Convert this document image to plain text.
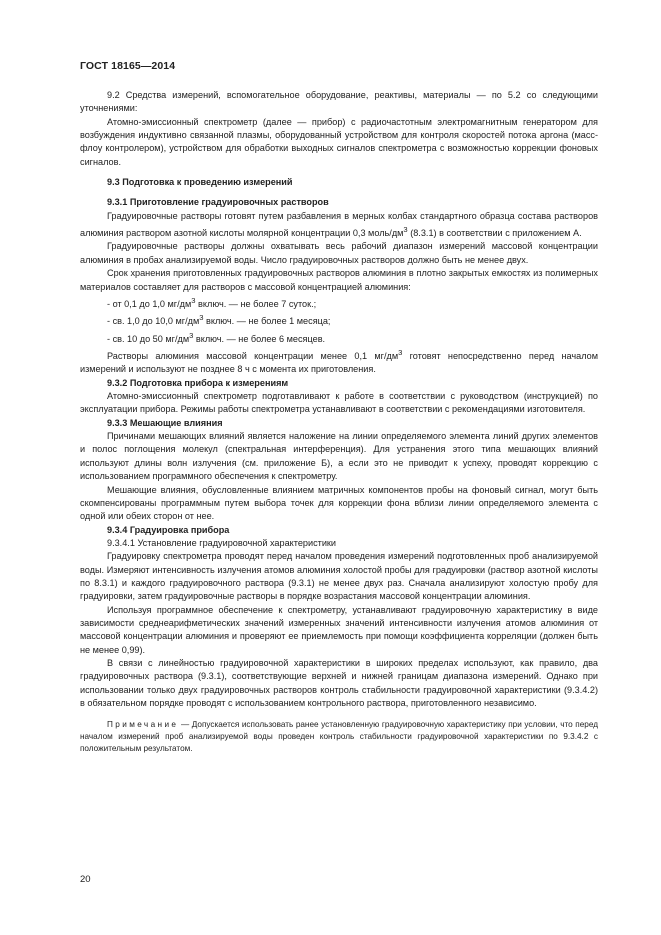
ГОСТ 18165—2014

9.2 Средства измерений, вспомогательное оборудование, реактивы, материалы — по 5.2 со следующими уточнениями:

Атомно-эмиссионный спектрометр (далее — прибор) с радиочастотным электромагнитным генератором для возбуждения индуктивно связанной плазмы, оборудованный устройством для контроля скоростей потока аргона (масс-флоу контролером), устройством для обработки выходных сигналов спектрометра с возможностью коррекции фоновых сигналов.

9.3 Подготовка к проведению измерений

9.3.1 Приготовление градуировочных растворов

Градуировочные растворы готовят путем разбавления в мерных колбах стандартного образца состава растворов алюминия раствором азотной кислоты молярной концентрации 0,3 моль/$дм^3$ (8.3.1) в соответствии с приложением А.

Градуировочные растворы должны охватывать весь рабочий диапазон измерений массовой концентрации алюминия в пробах анализируемой воды. Число градуировочных растворов должно быть не менее двух.

Срок хранения приготовленных градуировочных растворов алюминия в плотно закрытых емкостях из полимерных материалов составляет для растворов с массовой концентрацией алюминия:

- от 0,1 до 1,0 $мг/дм^3$ включ. — не более 7 суток.;
- св. 1,0 до 10,0 $мг/дм^3$ включ. — не более 1 месяца;
- св. 10 до 50 $мг/дм^3$ включ. — не более 6 месяцев.

Растворы алюминия массовой концентрации менее 0,1 $мг/дм^3$ готовят непосредственно перед началом измерений и используют не позднее 8 ч с момента их приготовления.

9.3.2 Подготовка прибора к измерениям

Атомно-эмиссионный спектрометр подготавливают к работе в соответствии с руководством (инструкцией) по эксплуатации прибора. Режимы работы спектрометра устанавливают в соответствии с рекомендациями изготовителя.

9.3.3 Мешающие влияния

Причинами мешающих влияний является наложение на линии определяемого элемента линий других элементов и полос поглощения молекул (спектральная интерференция). Для устранения этого типа мешающих влияний используют длины волн излучения (см. приложение Б), а если это не приводит к успеху, проводят коррекцию с использованием программного обеспечения к спектрометру.

Мешающие влияния, обусловленные влиянием матричных компонентов пробы на фоновый сигнал, могут быть скомпенсированы программным путем выбора точек для коррекции фона вблизи линии определяемого элемента с одной или обеих сторон от нее.

9.3.4 Градуировка прибора

9.3.4.1 Установление градуировочной характеристики

Градуировку спектрометра проводят перед началом проведения измерений подготовленных проб анализируемой воды. Измеряют интенсивность излучения атомов алюминия холостой пробы для градуировки (раствор азотной кислоты по 8.3.1) и каждого градуировочного раствора (9.3.1) не менее двух раз. Сначала анализируют холостую пробу для градуировки, затем градуировочные растворы в порядке возрастания массовой концентрации алюминия.

Используя программное обеспечение к спектрометру, устанавливают градуировочную характеристику в виде зависимости среднеарифметических значений измеренных значений интенсивности излучения атомов алюминия от массовой концентрации алюминия и проверяют ее приемлемость при помощи коэффициента корреляции (должен быть не менее 0,99).

В связи с линейностью градуировочной характеристики в широких пределах используют, как правило, два градуировочных раствора (9.3.1), соответствующие верхней и нижней границам диапазона измерений. Однако при использовании только двух градуировочных растворов контроль стабильности градуировочной характеристики (9.3.4.2) в обязательном порядке проводят с использованием контрольного раствора, приготовленного независимо.

Примечание — Допускается использовать ранее установленную градуировочную характеристику при условии, что перед началом измерений проб анализируемой воды проведен контроль стабильности градуировочной характеристики по 9.3.4.2 с положительным результатом.

20
